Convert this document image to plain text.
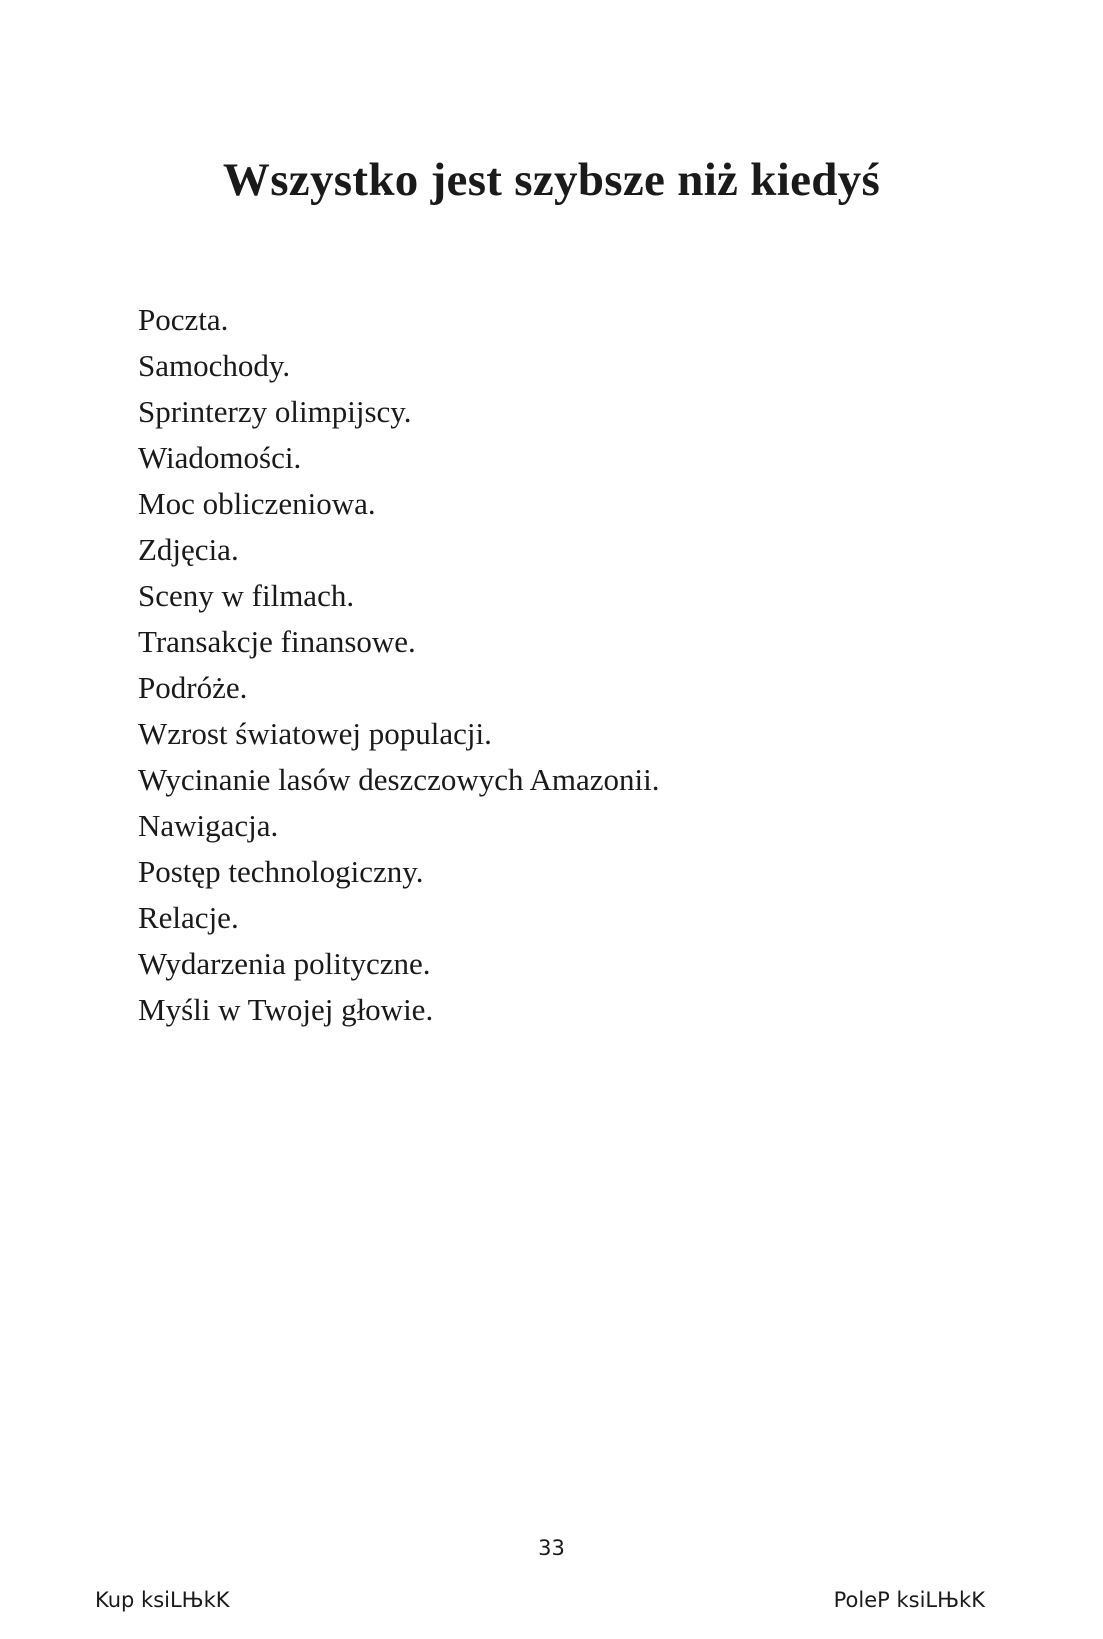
Wszystko jest szybsze niż kiedyś
Poczta.
Samochody.
Sprinterzy olimpijscy.
Wiadomości.
Moc obliczeniowa.
Zdjęcia.
Sceny w filmach.
Transakcje finansowe.
Podróże.
Wzrost światowej populacji.
Wycinanie lasów deszczowych Amazonii.
Nawigacja.
Postęp technologiczny.
Relacje.
Wydarzenia polityczne.
Myśli w Twojej głowie.
33
Kup ksiLЊkK	PoleP ksiLЊkK
